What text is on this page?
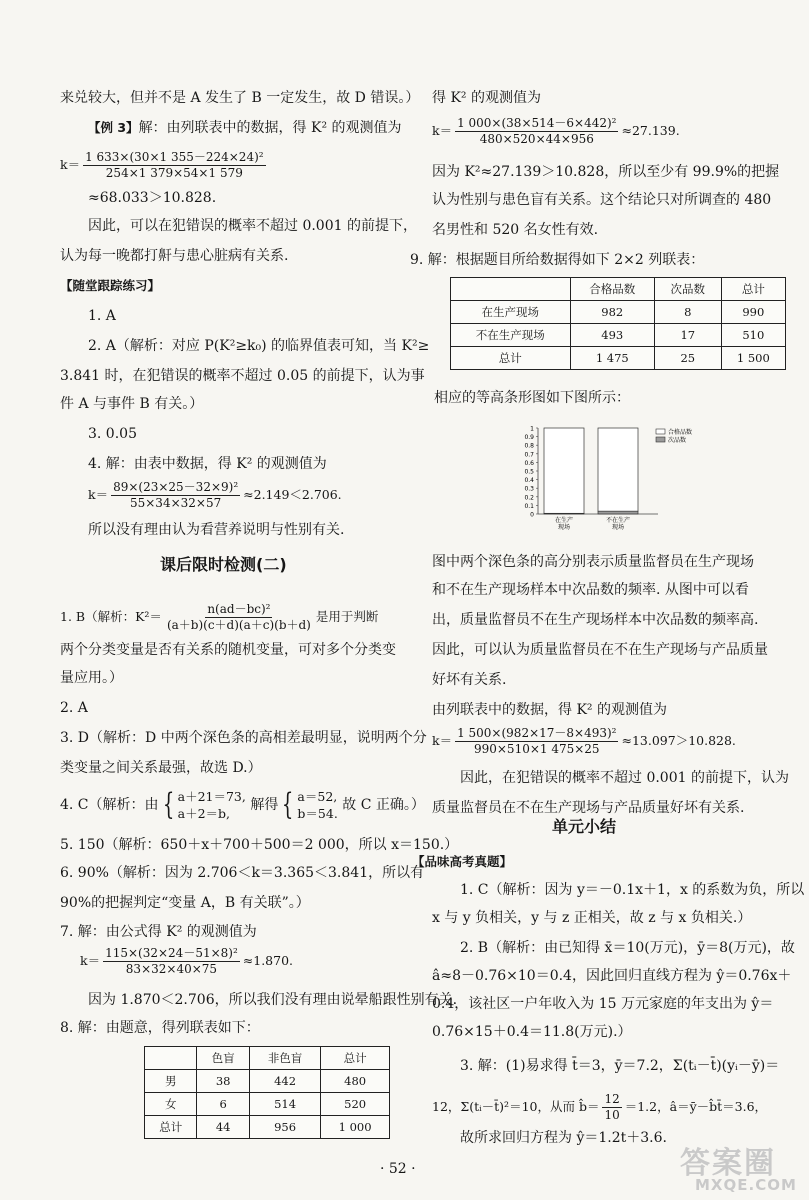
来兑较大，但并不是 A 发生了 B 一定发生，故 D 错误。）
【例 3】解：由列联表中的数据，得 K² 的观测值为
$k= \frac{\text{1 633×(30×1 355－224×24)²}}{254\times 1 379\times 54\times 1 579}$
≈68.033＞10.828.
因此，可以在犯错误的概率不超过 0.001 的前提下，
认为每一晚都打鼾与患心脏病有关系.
【随堂跟踪练习】
1. A
2. A（解析：对应 P(K²≥k₀) 的临界值表可知，当 K²≥
3.841 时，在犯错误的概率不超过 0.05 的前提下，认为事
件 A 与事件 B 有关。）
3. 0.05
4. 解：由表中数据，得 K² 的观测值为
$k= \frac{\text{89×(23×25－32×9)²}}{55\times 34\times 32\times 57} \approx 2.149<2.706$.
所以没有理由认为看营养说明与性别有关.
课后限时检测(二)
1. B（解析：$K^2= \frac{\text{n(ad－bc)²}}{(a+b)(c+d)(a+c)(b+d)}$ 是用于判断
两个分类变量是否有关系的随机变量，可对多个分类变
量应用。）
2. A
3. D（解析：D 中两个深色条的高相差最明显，说明两个分
类变量之间关系最强，故选 D.）
4. C（解析：由 { a＋21＝73,
a＋2＝b,
解得 { a＝52,
b＝54.
故 C 正确。）
5. 150（解析：650＋x＋700＋500＝2 000，所以 x＝150.）
6. 90%（解析：因为 2.706＜k＝3.365＜3.841，所以有
90%的把握判定“变量 A，B 有关联”。）
7. 解：由公式得 K² 的观测值为
$k= \frac{\text{115×(32×24－51×8)²}}{83\times 32\times 40\times 75} \approx 1.870$.
因为 1.870＜2.706，所以我们没有理由说晕船跟性别有关.
8. 解：由题意，得列联表如下：
	色盲	非色盲	总计
男	38	442	480
女	6	514	520
总计	44	956	1 000
得 K² 的观测值为
$k= \frac{\text{1 000×(38×514－6×442)²}}{480\times 520\times 44\times 956} \approx 27.139$.
因为 K²≈27.139＞10.828，所以至少有 99.9%的把握
认为性别与患色盲有关系。这个结论只对所调查的 480
名男性和 520 名女性有效.
9. 解：根据题目所给数据得如下 2×2 列联表：
	合格品数	次品数	总计
在生产现场	982	8	990
不在生产现场	493	17	510
总计	1 475	25	1 500
相应的等高条形图如下图所示：
图中两个深色条的高分别表示质量监督员在生产现场
和不在生产现场样本中次品数的频率. 从图中可以看
出，质量监督员不在生产现场样本中次品数的频率高.
因此，可以认为质量监督员在不在生产现场与产品质量
好坏有关系.
由列联表中的数据，得 K² 的观测值为
$k= \frac{\text{1 500×(982×17－8×493)²}}{990\times 510\times 1 475\times 25} \approx 13.097>10.828$.
因此，在犯错误的概率不超过 0.001 的前提下，认为
质量监督员在不在生产现场与产品质量好坏有关系.
单元小结
【品味高考真题】
1. C（解析：因为 y＝－0.1x＋1，x 的系数为负，所以
x 与 y 负相关，y 与 z 正相关，故 z 与 x 负相关.）
2. B（解析：由已知得 x̄＝10(万元)，ȳ＝8(万元)，故
â≈8－0.76×10＝0.4，因此回归直线方程为 ŷ＝0.76x＋
0.4，该社区一户年收入为 15 万元家庭的年支出为 ŷ＝
0.76×15＋0.4＝11.8(万元).）
3. 解：(1)易求得 t̄＝3，ȳ＝7.2，Σ(tᵢ－t̄)(yᵢ－ȳ)＝
12，Σ(tᵢ－t̄)²＝10，从而 b̂＝ $\frac{12}{10} =1.2$，â＝ȳ－b̂t̄＝3.6，
故所求回归方程为 ŷ＝1.2t＋3.6.
0
0.1
0.2
0.3
0.4
0.5
0.6
0.7
0.8
0.9
1
在生产
现场
不在生产
现场
合格品数
次品数
· 52 ·	答案圈
MXQE.COM
